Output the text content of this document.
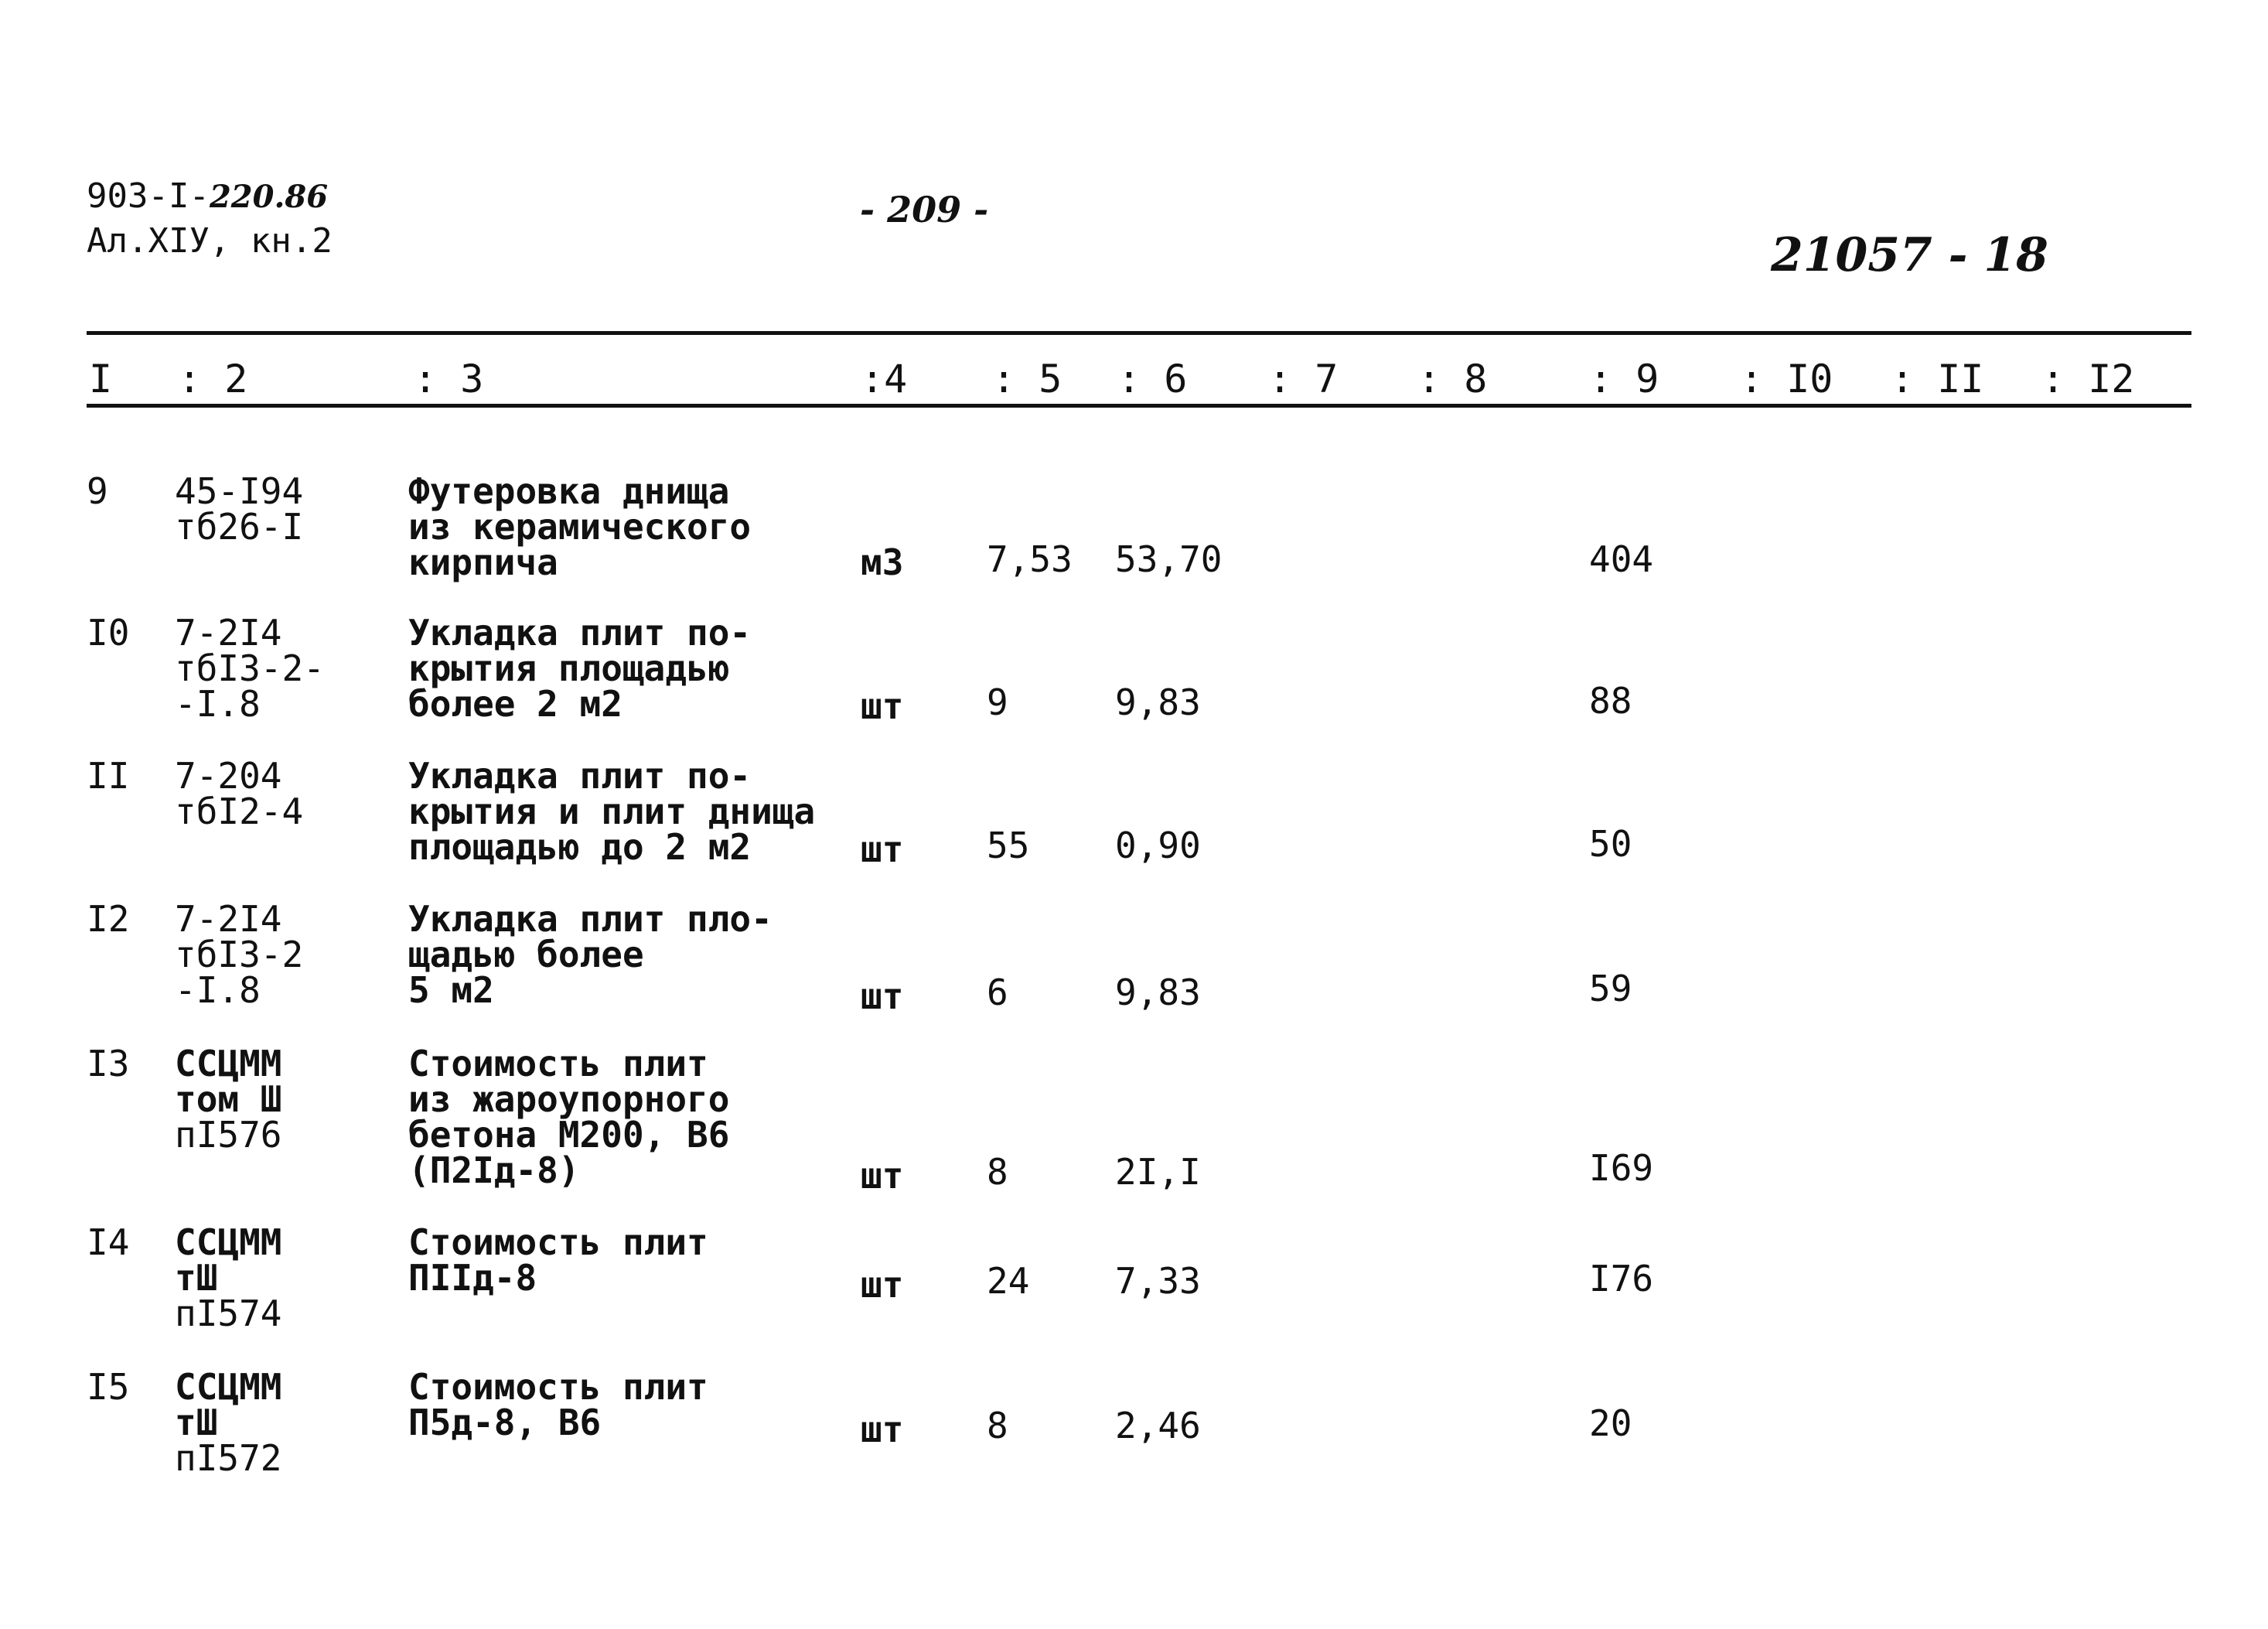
903-I-220.86
Ал.XIУ, кн.2
- 209 -
21057 - 18
I : 2	: 3	:4 : 5 : 6 : 7 : 8	: 9 : I0 : II : I2
9 45-I94
тб26-I
Футеровка днища
из керамического
кирпича	м3 7,53 53,70	404
I0 7-2I4
тбI3-2-
-I.8
Укладка плит по-
крытия площадью
более 2 м2	шт 9	9,83	88
II 7-204
тбI2-4
Укладка плит по-
крытия и плит днища
площадью до 2 м2	шт 55 0,90	50
I2 7-2I4
тбI3-2
-I.8
Укладка плит пло-
щадью более
5 м2	шт 6	9,83	59
I3 ССЦММ
том Ш
пI576
Стоимость плит
из жароупорного
бетона М200, В6
(П2Iд-8)	шт 8	2I,I	I69
I4 ССЦММ
тШ
пI574
Стоимость плит
ПIIд-8	шт 24 7,33	I76
I5 ССЦММ
тШ
пI572
Стоимость плит
П5д-8, В6	шт 8	2,46	20
